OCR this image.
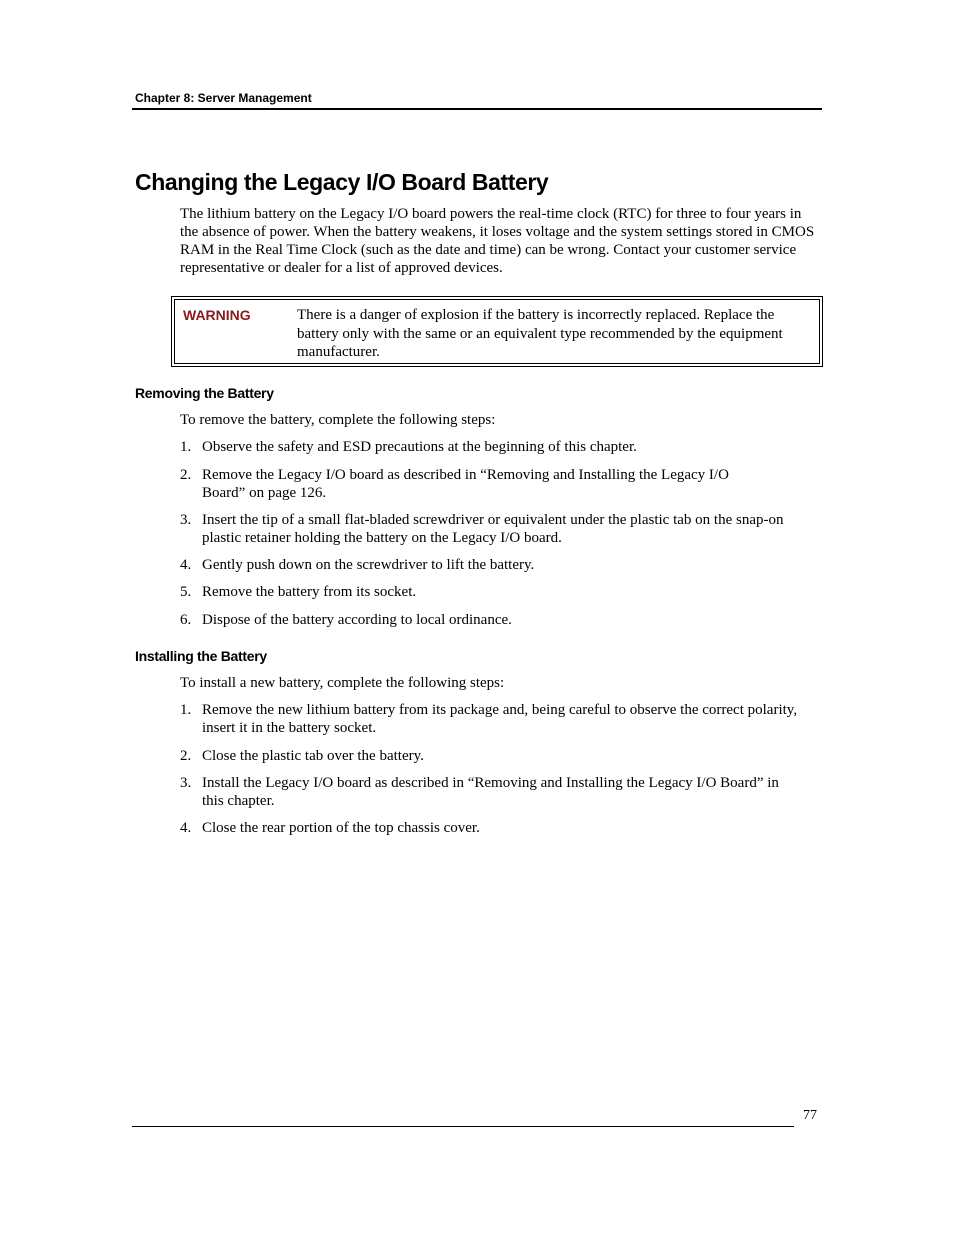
Chapter 8: Server Management
Changing the Legacy I/O Board Battery

The lithium battery on the Legacy I/O board powers the real-time clock (RTC) for three to four years in the absence of power. When the battery weakens, it loses voltage and the system settings stored in CMOS RAM in the Real Time Clock (such as the date and time) can be wrong. Contact your customer service representative or dealer for a list of approved devices.

WARNING	There is a danger of explosion if the battery is incorrectly replaced. Replace the battery only with the same or an equivalent type recommended by the equipment manufacturer.

Removing the Battery

To remove the battery, complete the following steps:

1. Observe the safety and ESD precautions at the beginning of this chapter.
2. Remove the Legacy I/O board as described in “Removing and Installing the Legacy I/O Board” on page 126.
3. Insert the tip of a small flat-bladed screwdriver or equivalent under the plastic tab on the snap-on plastic retainer holding the battery on the Legacy I/O board.
4. Gently push down on the screwdriver to lift the battery.
5. Remove the battery from its socket.
6. Dispose of the battery according to local ordinance.
Installing the Battery

To install a new battery, complete the following steps:

1. Remove the new lithium battery from its package and, being careful to observe the correct polarity, insert it in the battery socket.
2. Close the plastic tab over the battery.
3. Install the Legacy I/O board as described in “Removing and Installing the Legacy I/O Board” in this chapter.
4. Close the rear portion of the top chassis cover.
77
